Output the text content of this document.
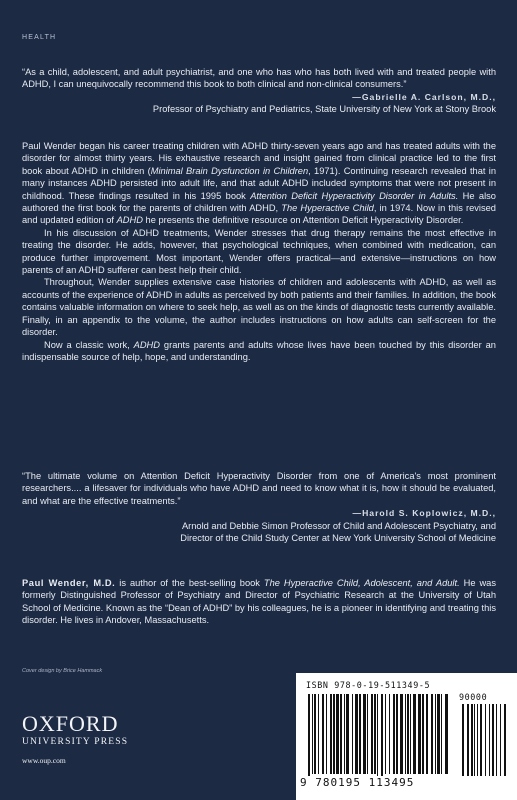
HEALTH

“As a child, adolescent, and adult psychiatrist, and one who has who has both lived with and treated people with ADHD, I can unequivocally recommend this book to both clinical and non-clinical consumers.”

—Gabrielle A. Carlson, M.D.,

Professor of Psychiatry and Pediatrics, State University of New York at Stony Brook

Paul Wender began his career treating children with ADHD thirty-seven years ago and has treated adults with the disorder for almost thirty years. His exhaustive research and insight gained from clinical practice led to the first book about ADHD in children (Minimal Brain Dysfunction in Children, 1971). Continuing research revealed that in many instances ADHD persisted into adult life, and that adult ADHD included symptoms that were not present in childhood. These findings resulted in his 1995 book Attention Deficit Hyperactivity Disorder in Adults. He also authored the first book for the parents of children with ADHD, The Hyperactive Child, in 1974. Now in this revised and updated edition of ADHD he presents the definitive resource on Attention Deficit Hyperactivity Disorder.

In his discussion of ADHD treatments, Wender stresses that drug therapy remains the most effective in treating the disorder. He adds, however, that psychological techniques, when combined with medication, can produce further improvement. Most important, Wender offers practical—and extensive—instructions on how parents of an ADHD sufferer can best help their child.

Throughout, Wender supplies extensive case histories of children and adolescents with ADHD, as well as accounts of the experience of ADHD in adults as perceived by both patients and their families. In addition, the book contains valuable information on where to seek help, as well as on the kinds of diagnostic tests currently available. Finally, in an appendix to the volume, the author includes instructions on how adults can self-screen for the disorder.

Now a classic work, ADHD grants parents and adults whose lives have been touched by this disorder an indispensable source of help, hope, and understanding.

“The ultimate volume on Attention Deficit Hyperactivity Disorder from one of America's most prominent researchers.... a lifesaver for individuals who have ADHD and need to know what it is, how it should be evaluated, and what are the effective treatments.”

—Harold S. Koplowicz, M.D.,

Arnold and Debbie Simon Professor of Child and Adolescent Psychiatry, and

Director of the Child Study Center at New York University School of Medicine

Paul Wender, M.D. is author of the best-selling book The Hyperactive Child, Adolescent, and Adult. He was formerly Distinguished Professor of Psychiatry and Director of Psychiatric Research at the University of Utah School of Medicine. Known as the “Dean of ADHD” by his colleagues, he is a pioneer in identifying and treating this disorder. He lives in Andover, Massachusetts.

Cover design by Brice Hammack
OXFORD
UNIVERSITY PRESS
www.oup.com
ISBN 978-0-19-511349-5
90000
9 780195 113495
